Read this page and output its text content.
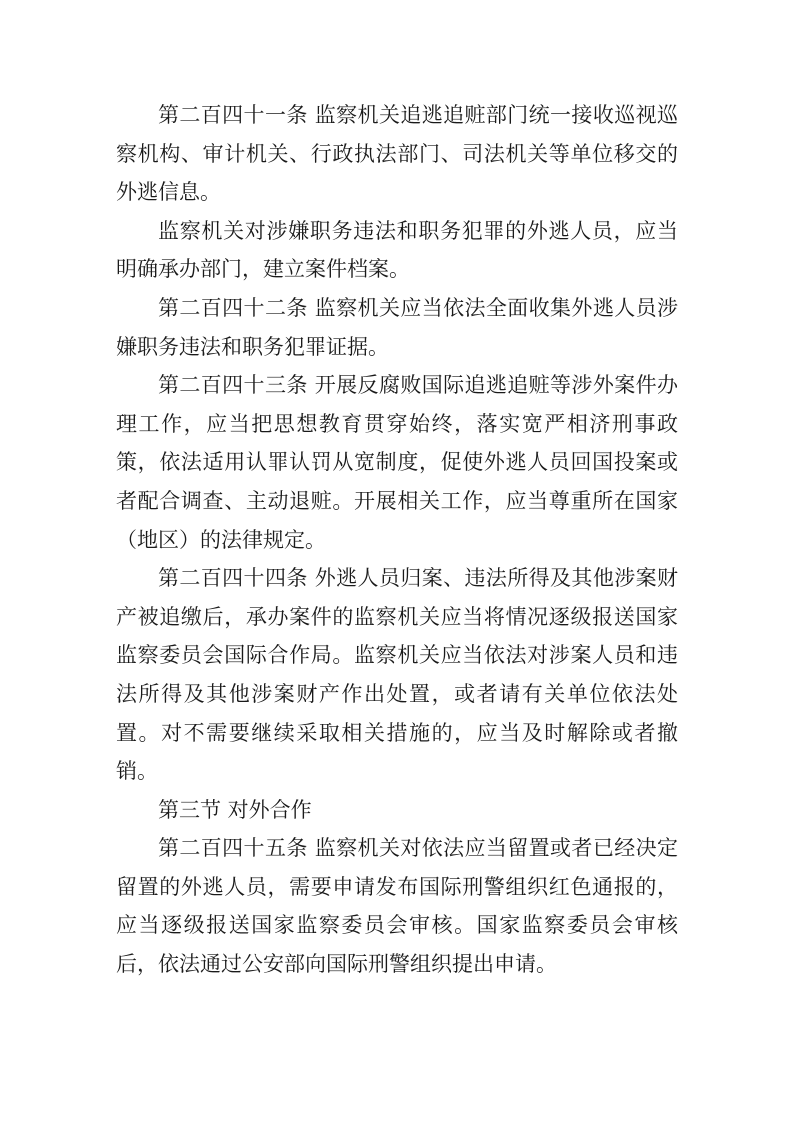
第二百四十一条 监察机关追逃追赃部门统一接收巡视巡察机构、审计机关、行政执法部门、司法机关等单位移交的外逃信息。

监察机关对涉嫌职务违法和职务犯罪的外逃人员，应当明确承办部门，建立案件档案。

第二百四十二条 监察机关应当依法全面收集外逃人员涉嫌职务违法和职务犯罪证据。

第二百四十三条 开展反腐败国际追逃追赃等涉外案件办理工作，应当把思想教育贯穿始终，落实宽严相济刑事政策，依法适用认罪认罚从宽制度，促使外逃人员回国投案或者配合调查、主动退赃。开展相关工作，应当尊重所在国家（地区）的法律规定。

第二百四十四条 外逃人员归案、违法所得及其他涉案财产被追缴后，承办案件的监察机关应当将情况逐级报送国家监察委员会国际合作局。监察机关应当依法对涉案人员和违法所得及其他涉案财产作出处置，或者请有关单位依法处置。对不需要继续采取相关措施的，应当及时解除或者撤销。

第三节 对外合作

第二百四十五条 监察机关对依法应当留置或者已经决定留置的外逃人员，需要申请发布国际刑警组织红色通报的，应当逐级报送国家监察委员会审核。国家监察委员会审核后，依法通过公安部向国际刑警组织提出申请。
